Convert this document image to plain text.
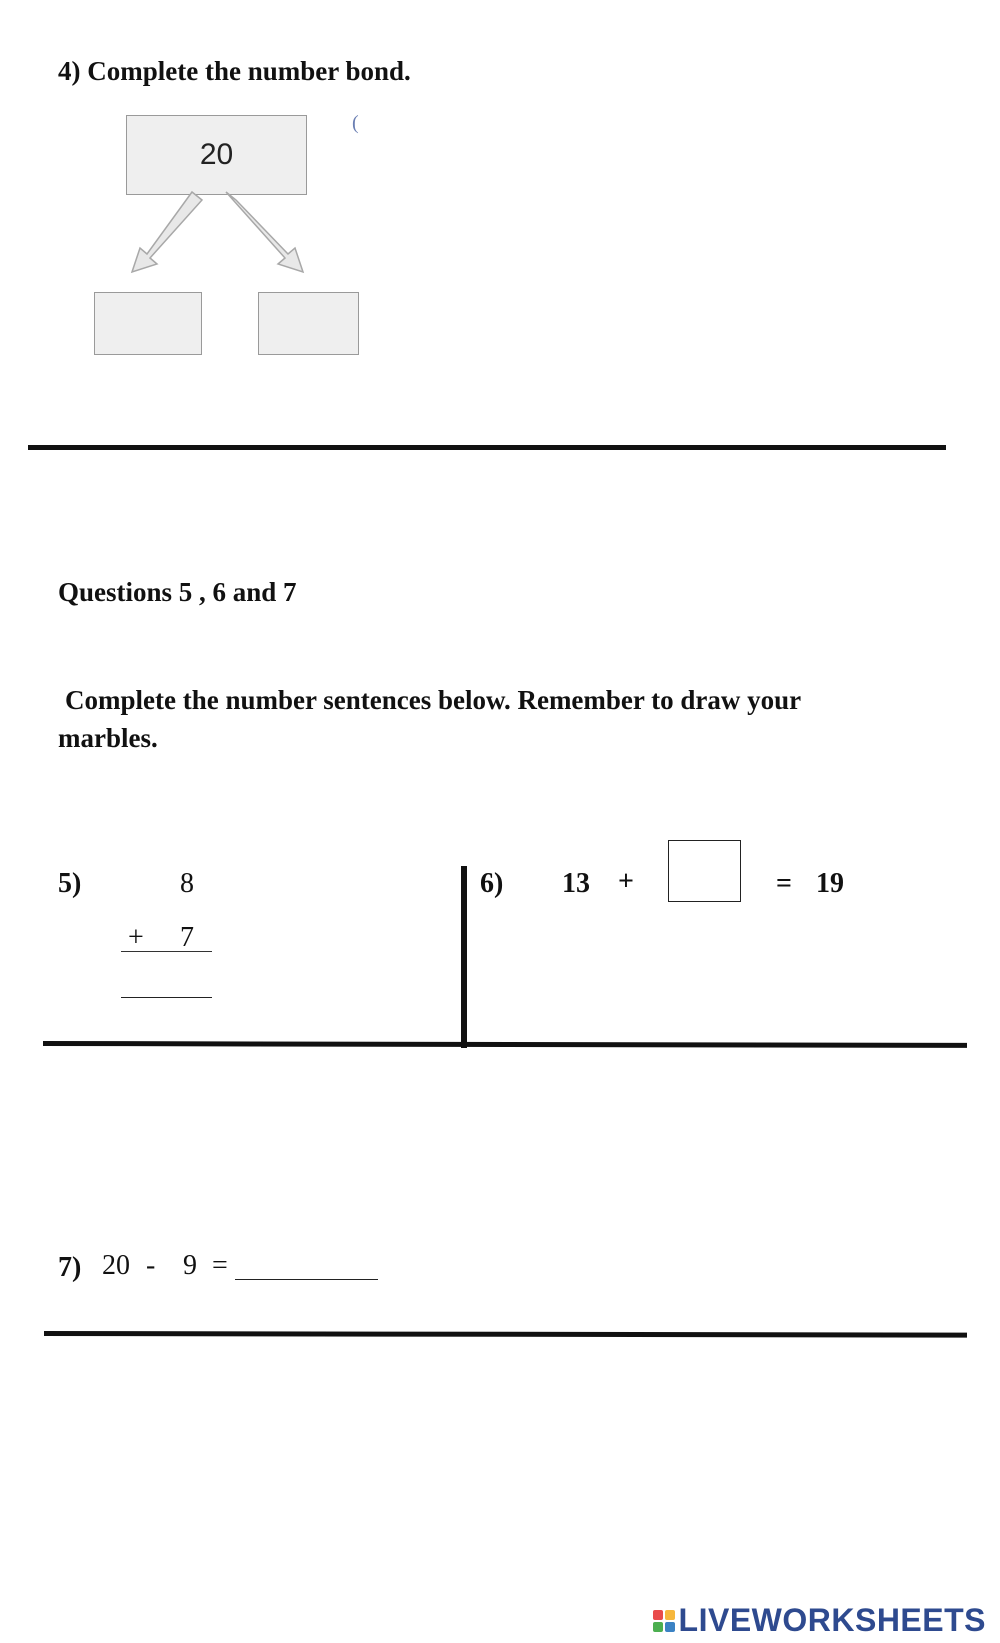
4) Complete the number bond.
20
(
Questions 5 , 6 and 7
Complete the number sentences below. Remember to draw your
marbles.
5)	8
+ 7
6) 13 +	= 19
7) 20 - 9 =
LIVEWORKSHEETS
